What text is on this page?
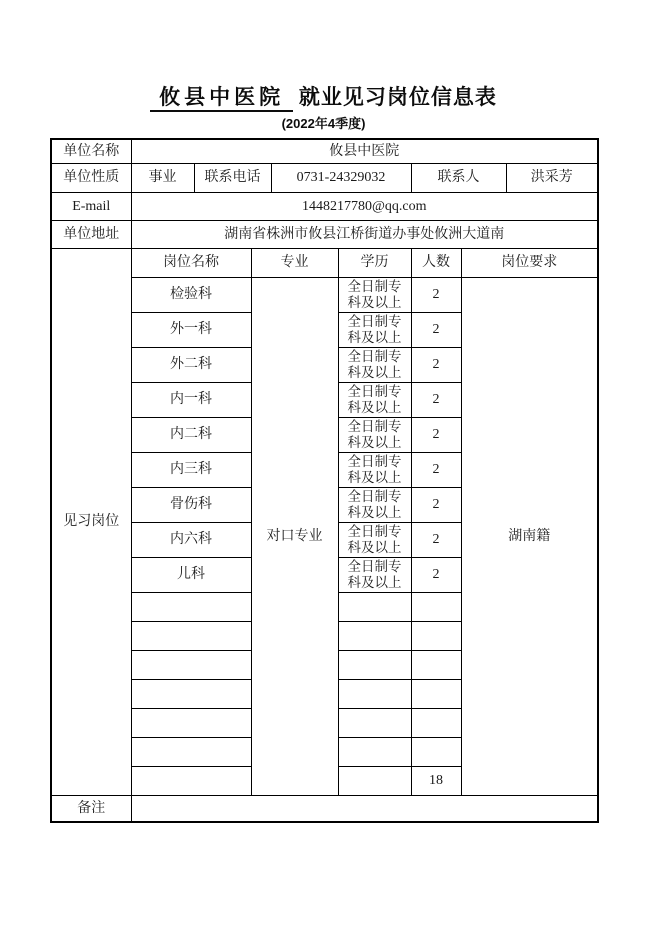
攸县中医院 就业见习岗位信息表
(2022年4季度)
单位名称	攸县中医院							
单位性质	事业	联系电话		0731-24329032		联系人		洪采芳
E-mail	1448217780@qq.com							
单位地址	湖南省株洲市攸县江桥街道办事处攸洲大道南							
见习岗位	岗位名称		专业		学历	人数	岗位要求	
	检验科		对口专业		全日制专科及以上	2	湖南籍	
	外一科				全日制专科及以上	2		
	外二科				全日制专科及以上	2		
	内一科				全日制专科及以上	2		
	内二科				全日制专科及以上	2		
	内三科				全日制专科及以上	2		
	骨伤科				全日制专科及以上	2		
	内六科				全日制专科及以上	2		
	儿科				全日制专科及以上	2		

						18		
备注								
